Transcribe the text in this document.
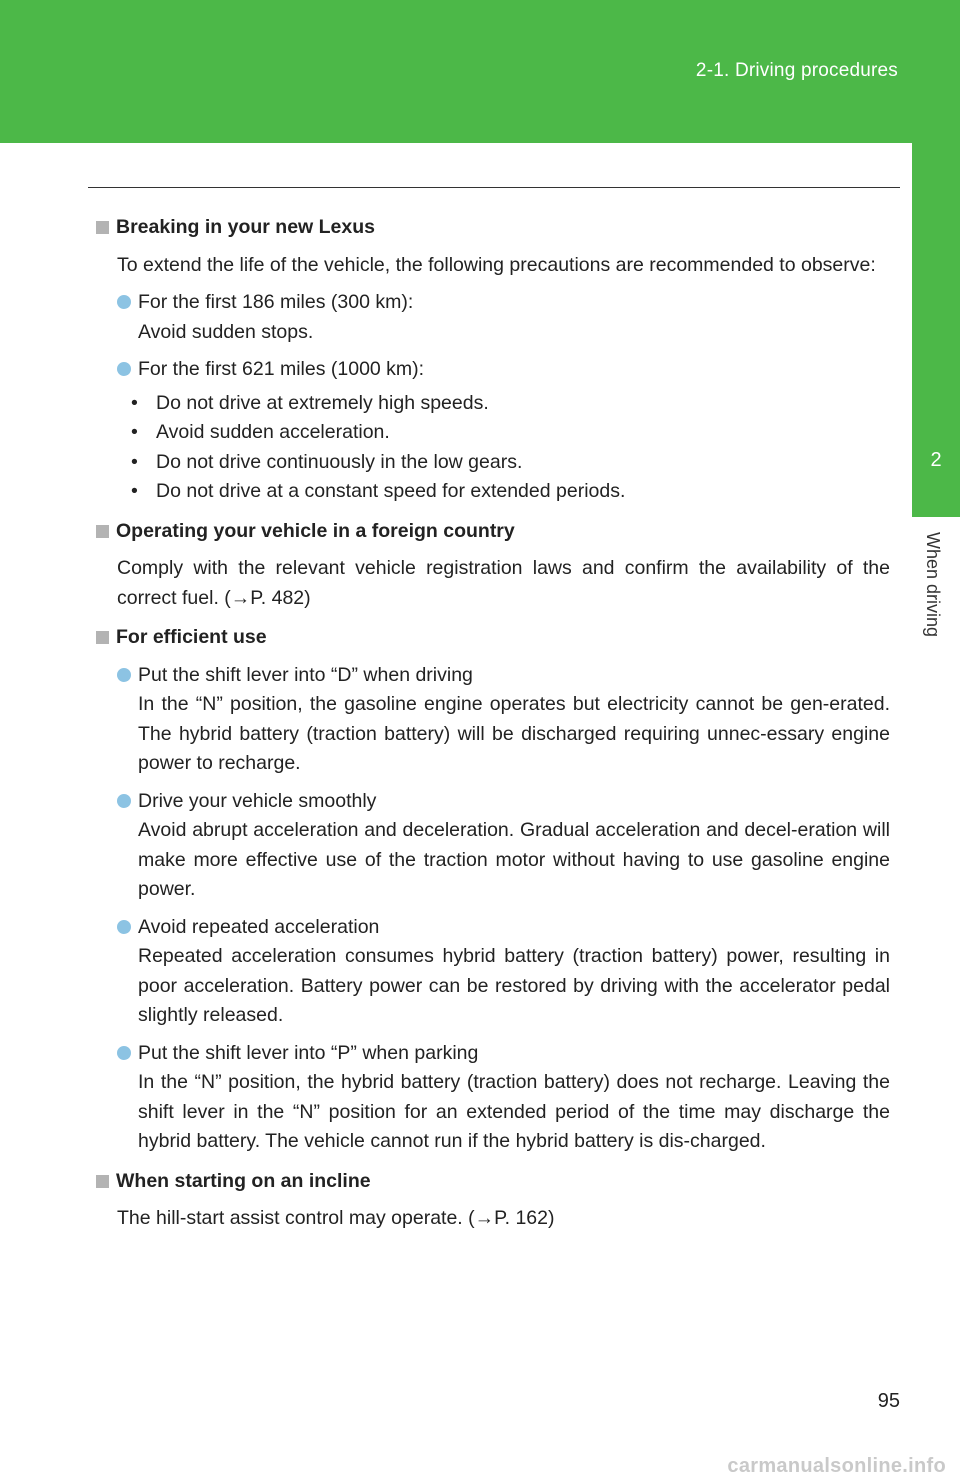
2-1. Driving procedures
2
When driving
Breaking in your new Lexus
To extend the life of the vehicle, the following precautions are recommended to observe:
For the first 186 miles (300 km):
Avoid sudden stops.
For the first 621 miles (1000 km):
• Do not drive at extremely high speeds.
• Avoid sudden acceleration.
• Do not drive continuously in the low gears.
• Do not drive at a constant speed for extended periods.
Operating your vehicle in a foreign country
Comply with the relevant vehicle registration laws and confirm the availability of the correct fuel. (→P. 482)
For efficient use
Put the shift lever into “D” when driving
In the “N” position, the gasoline engine operates but electricity cannot be gen-erated. The hybrid battery (traction battery) will be discharged requiring unnec-essary engine power to recharge.
Drive your vehicle smoothly
Avoid abrupt acceleration and deceleration. Gradual acceleration and decel-eration will make more effective use of the traction motor without having to use gasoline engine power.
Avoid repeated acceleration
Repeated acceleration consumes hybrid battery (traction battery) power, resulting in poor acceleration. Battery power can be restored by driving with the accelerator pedal slightly released.
Put the shift lever into “P” when parking
In the “N” position, the hybrid battery (traction battery) does not recharge. Leaving the shift lever in the “N” position for an extended period of the time may discharge the hybrid battery. The vehicle cannot run if the hybrid battery is dis-charged.
When starting on an incline
The hill-start assist control may operate. (→P. 162)
95
carmanualsonline.info
